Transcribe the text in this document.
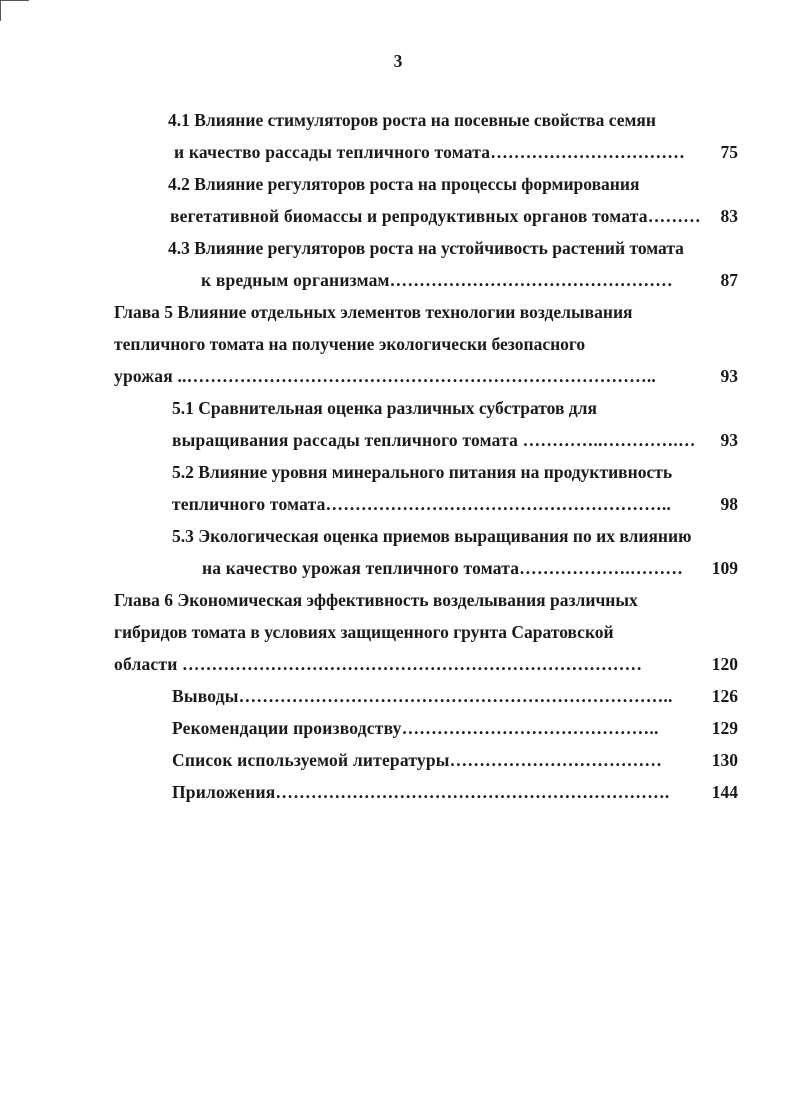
3
4.1 Влияние стимуляторов роста на посевные свойства семян
и качество рассады тепличного томата……………………………	75
4.2 Влияние регуляторов роста на процессы формирования
вегетативной биомассы и репродуктивных органов томата………	83
4.3 Влияние регуляторов роста на устойчивость растений томата
к вредным организмам…………………………………………	87
Глава 5 Влияние отдельных элементов технологии возделывания
тепличного томата на получение экологически безопасного
урожая ..……………………………………………………………………..	93
5.1 Сравнительная оценка различных субстратов для
выращивания рассады тепличного томата …………..………….…	93
5.2 Влияние уровня минерального питания на продуктивность
тепличного томата…………………………………………………..	98
5.3 Экологическая оценка приемов выращивания по их влиянию
на качество урожая тепличного томата……………….………	109
Глава 6 Экономическая эффективность возделывания различных
гибридов томата в условиях защищенного грунта Саратовской
области ……………………………………………………………………	120
Выводы………………………………………………………………..	126
Рекомендации производству……………………………………..	129
Список используемой литературы………………………………	130
Приложения………………………………………………………….	144
